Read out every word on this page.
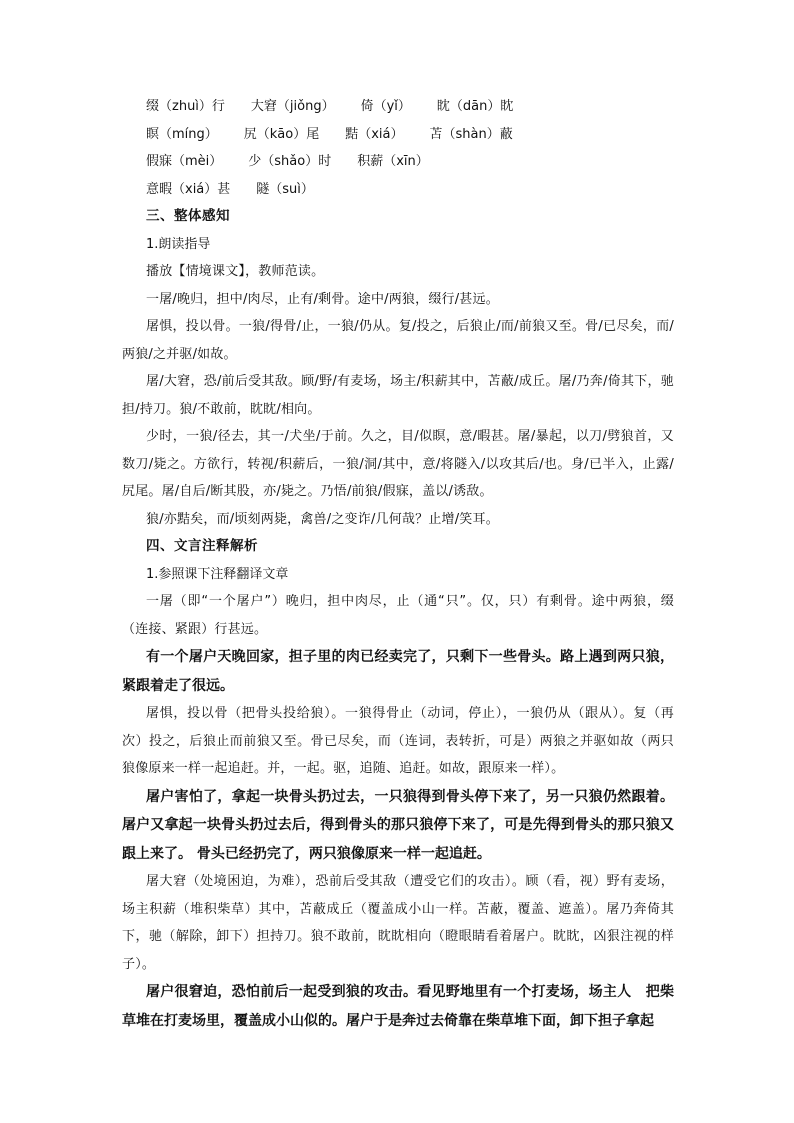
缀（zhuì）行 大窘（jiǒng） 倚（yǐ） 眈（dān）眈
瞑（míng） 尻（kāo）尾 黠（xiá） 苫（shàn）蔽
假寐（mèi） 少（shǎo）时 积薪（xīn）
意暇（xiá）甚 隧（suì）
三、整体感知
1.朗读指导

播放【情境课文】，教师范读。

一屠/晚归，担中/肉尽，止有/剩骨。途中/两狼，缀行/甚远。

屠惧，投以骨。一狼/得骨/止，一狼/仍从。复/投之，后狼止/而/前狼又至。骨/已尽矣，而/两狼/之并驱/如故。

屠/大窘，恐/前后受其敌。顾/野/有麦场，场主/积薪其中，苫蔽/成丘。屠/乃奔/倚其下，驰担/持刀。狼/不敢前，眈眈/相向。

少时，一狼/径去，其一/犬坐/于前。久之，目/似瞑，意/暇甚。屠/暴起，以刀/劈狼首，又数刀/毙之。方欲行，转视/积薪后，一狼/洞/其中，意/将隧入/以攻其后/也。身/已半入，止露/尻尾。屠/自后/断其股，亦/毙之。乃悟/前狼/假寐，盖以/诱敌。

狼/亦黠矣，而/顷刻两毙，禽兽/之变诈/几何哉？止增/笑耳。

四、文言注释解析
1.参照课下注释翻译文章

一屠（即“一个屠户”）晚归，担中肉尽，止（通“只”。仅，只）有剩骨。途中两狼，缀（连接、紧跟）行甚远。

有一个屠户天晚回家，担子里的肉已经卖完了，只剩下一些骨头。路上遇到两只狼，紧跟着走了很远。

屠惧，投以骨（把骨头投给狼）。一狼得骨止（动词，停止），一狼仍从（跟从）。复（再次）投之，后狼止而前狼又至。骨已尽矣，而（连词，表转折，可是）两狼之并驱如故（两只狼像原来一样一起追赶。并，一起。驱，追随、追赶。如故，跟原来一样）。

屠户害怕了，拿起一块骨头扔过去，一只狼得到骨头停下来了，另一只狼仍然跟着。屠户又拿起一块骨头扔过去后，得到骨头的那只狼停下来了，可是先得到骨头的那只狼又跟上来了。 骨头已经扔完了，两只狼像原来一样一起追赶。

屠大窘（处境困迫，为难），恐前后受其敌（遭受它们的攻击）。顾（看，视）野有麦场，场主积薪（堆积柴草）其中，苫蔽成丘（覆盖成小山一样。苫蔽，覆盖、遮盖）。屠乃奔倚其下，驰（解除，卸下）担持刀。狼不敢前，眈眈相向（瞪眼睛看着屠户。眈眈，凶狠注视的样子）。

屠户很窘迫，恐怕前后一起受到狼的攻击。看见野地里有一个打麦场，场主人　把柴草堆在打麦场里，覆盖成小山似的。屠户于是奔过去倚靠在柴草堆下面，卸下担子拿起
